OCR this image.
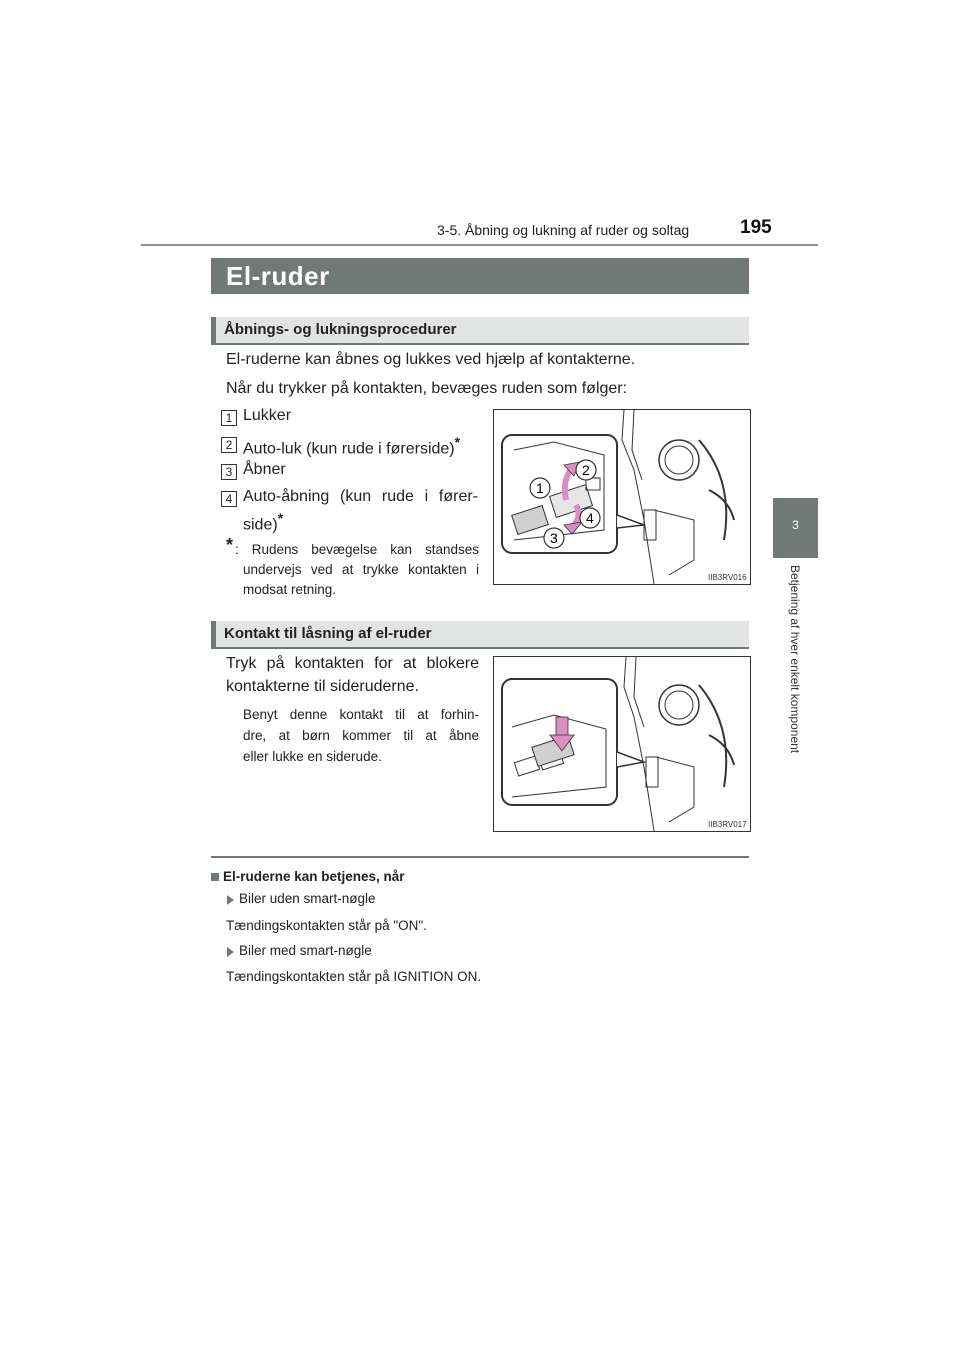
3-5. Åbning og lukning af ruder og soltag	195
3
Betjening af hver enkelt komponent
El-ruder
Åbnings- og lukningsprocedurer
El-ruderne kan åbnes og lukkes ved hjælp af kontakterne.
Når du trykker på kontakten, bevæges ruden som følger:
1 Lukker
2 Auto-luk (kun rude i førerside)*
3 Åbner
4 Auto-åbning (kun rude i fører-
side)*
* : Rudens bevægelse kan standses
undervejs ved at trykke kontakten i
modsat retning.
1
2
3
4
IIB3RV016
Kontakt til låsning af el-ruder
Tryk på kontakten for at blokere
kontakterne til sideruderne.
Benyt denne kontakt til at forhin-
dre, at børn kommer til at åbne
eller lukke en siderude.
IIB3RV017
El-ruderne kan betjenes, når
Biler uden smart-nøgle
Tændingskontakten står på "ON".
Biler med smart-nøgle
Tændingskontakten står på IGNITION ON.
